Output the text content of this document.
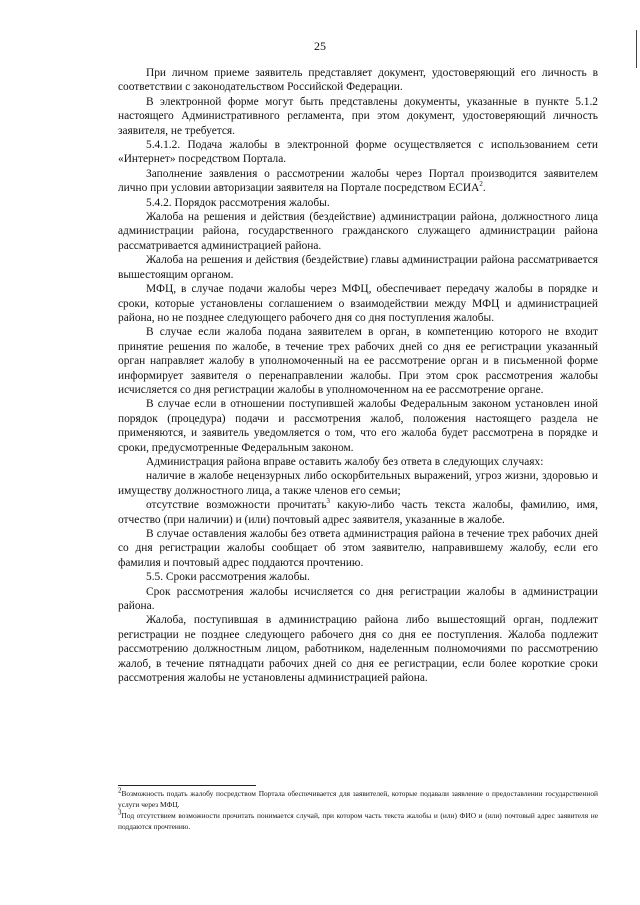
25

При личном приеме заявитель представляет документ, удостоверяющий его личность в соответствии с законодательством Российской Федерации.

В электронной форме могут быть представлены документы, указанные в пункте 5.1.2 настоящего Административного регламента, при этом документ, удостоверяющий личность заявителя, не требуется.

5.4.1.2. Подача жалобы в электронной форме осуществляется с использованием сети «Интернет» посредством Портала.

Заполнение заявления о рассмотрении жалобы через Портал производится заявителем лично при условии авторизации заявителя на Портале посредством ЕСИА$^2$.

5.4.2. Порядок рассмотрения жалобы.

Жалоба на решения и действия (бездействие) администрации района, должностного лица администрации района, государственного гражданского служащего администрации района рассматривается администрацией района.

Жалоба на решения и действия (бездействие) главы администрации района рассматривается вышестоящим органом.

МФЦ, в случае подачи жалобы через МФЦ, обеспечивает передачу жалобы в порядке и сроки, которые установлены соглашением о взаимодействии между МФЦ и администрацией района, но не позднее следующего рабочего дня со дня поступления жалобы.

В случае если жалоба подана заявителем в орган, в компетенцию которого не входит принятие решения по жалобе, в течение трех рабочих дней со дня ее регистрации указанный орган направляет жалобу в уполномоченный на ее рассмотрение орган и в письменной форме информирует заявителя о перенаправлении жалобы. При этом срок рассмотрения жалобы исчисляется со дня регистрации жалобы в уполномоченном на ее рассмотрение органе.

В случае если в отношении поступившей жалобы Федеральным законом установлен иной порядок (процедура) подачи и рассмотрения жалоб, положения настоящего раздела не применяются, и заявитель уведомляется о том, что его жалоба будет рассмотрена в порядке и сроки, предусмотренные Федеральным законом.

Администрация района вправе оставить жалобу без ответа в следующих случаях:

наличие в жалобе нецензурных либо оскорбительных выражений, угроз жизни, здоровью и имуществу должностного лица, а также членов его семьи;

отсутствие возможности прочитать$^3$ какую-либо часть текста жалобы, фамилию, имя, отчество (при наличии) и (или) почтовый адрес заявителя, указанные в жалобе.

В случае оставления жалобы без ответа администрация района в течение трех рабочих дней со дня регистрации жалобы сообщает об этом заявителю, направившему жалобу, если его фамилия и почтовый адрес поддаются прочтению.

5.5. Сроки рассмотрения жалобы.

Срок рассмотрения жалобы исчисляется со дня регистрации жалобы в администрации района.

Жалоба, поступившая в администрацию района либо вышестоящий орган, подлежит регистрации не позднее следующего рабочего дня со дня ее поступления. Жалоба подлежит рассмотрению должностным лицом, работником, наделенным полномочиями по рассмотрению жалоб, в течение пятнадцати рабочих дней со дня ее регистрации, если более короткие сроки рассмотрения жалобы не установлены администрацией района.

$^2$Возможность подать жалобу посредством Портала обеспечивается для заявителей, которые подавали заявление о предоставлении государственной услуги через МФЦ.

$^3$Под отсутствием возможности прочитать понимается случай, при котором часть текста жалобы и (или) ФИО и (или) почтовый адрес заявителя не поддаются прочтению.
